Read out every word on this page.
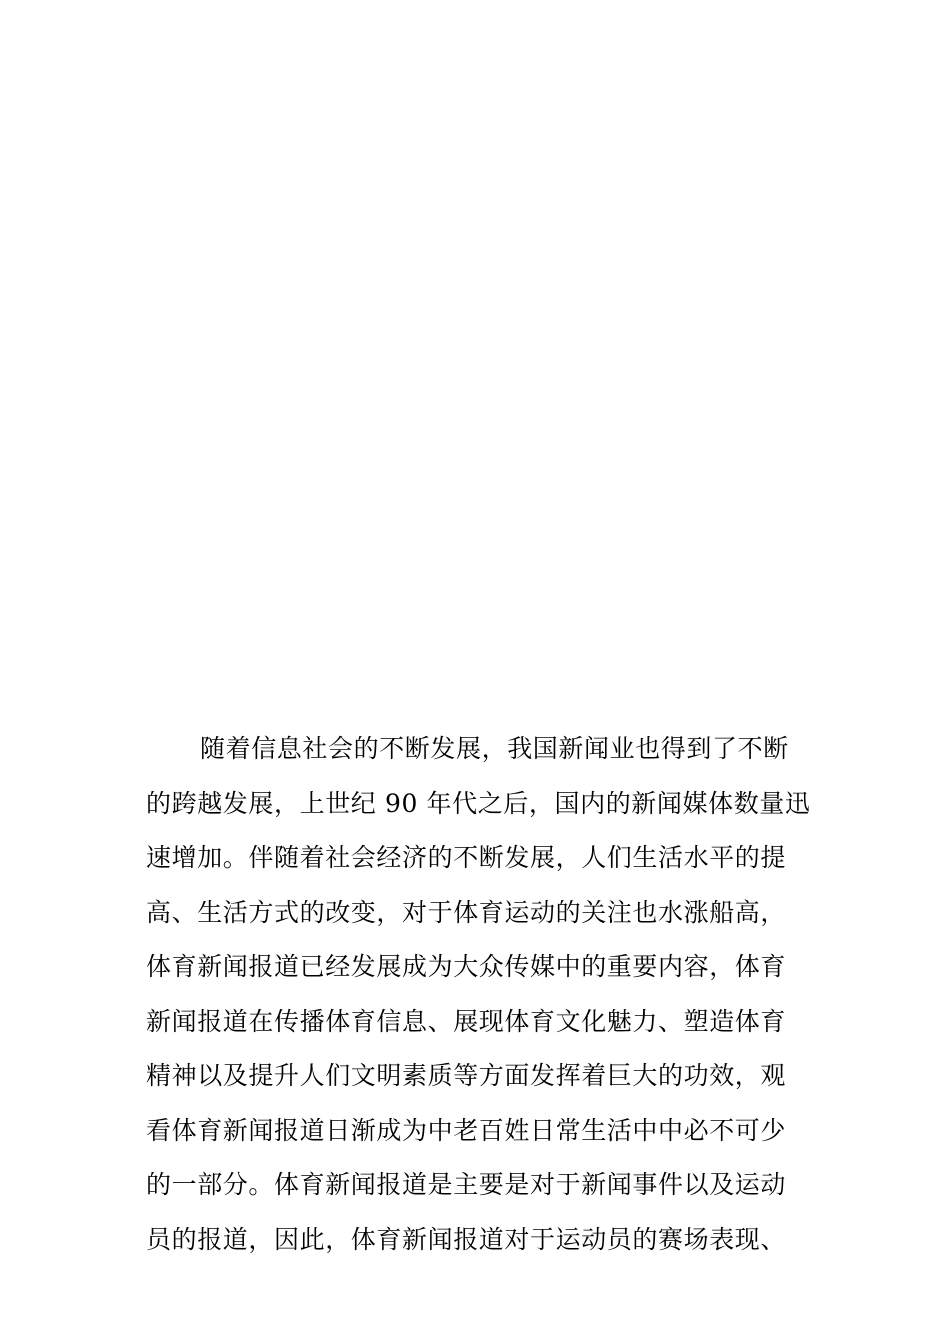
随着信息社会的不断发展，我国新闻业也得到了不断
的跨越发展，上世纪 90 年代之后，国内的新闻媒体数量迅
速增加。伴随着社会经济的不断发展，人们生活水平的提
高、生活方式的改变，对于体育运动的关注也水涨船高，
体育新闻报道已经发展成为大众传媒中的重要内容，体育
新闻报道在传播体育信息、展现体育文化魅力、塑造体育
精神以及提升人们文明素质等方面发挥着巨大的功效，观
看体育新闻报道日渐成为中老百姓日常生活中中必不可少
的一部分。体育新闻报道是主要是对于新闻事件以及运动
员的报道，因此，体育新闻报道对于运动员的赛场表现、
